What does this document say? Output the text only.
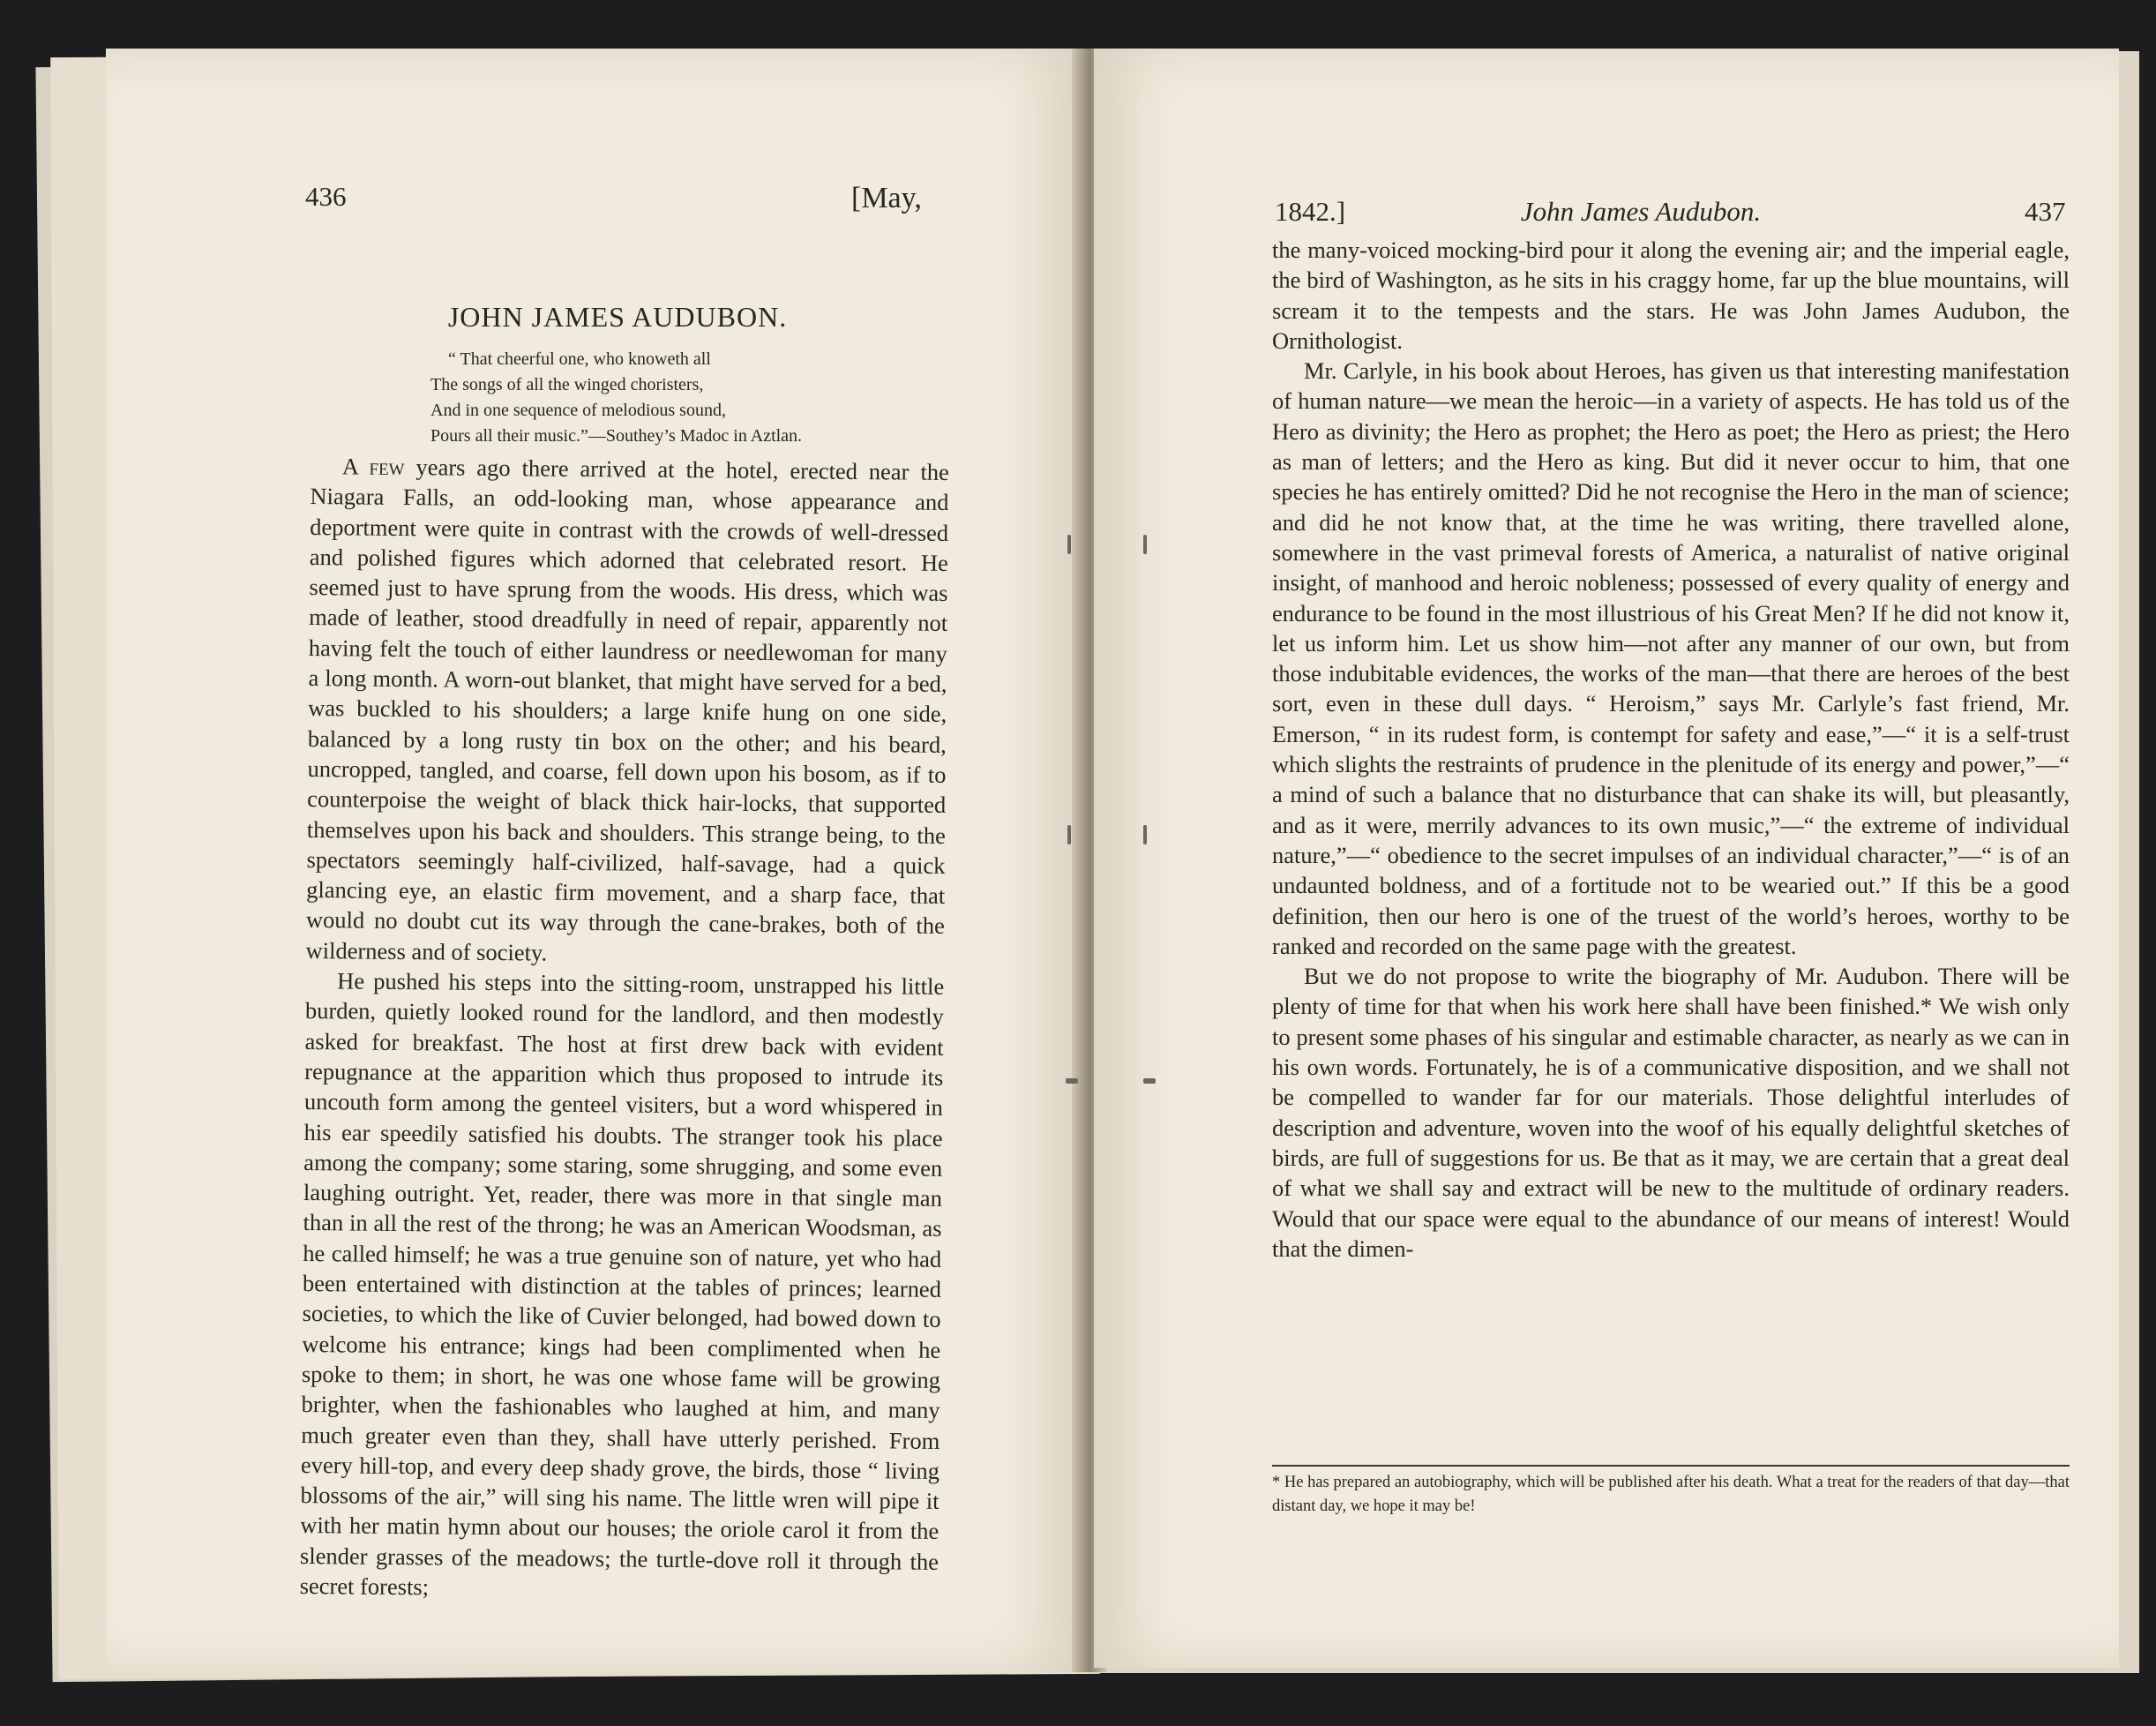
436	[May,
JOHN JAMES AUDUBON.
“ That cheerful one, who knoweth all
The songs of all the winged choristers,
And in one sequence of melodious sound,
Pours all their music.”—Southey’s Madoc in Aztlan.

A few years ago there arrived at the hotel, erected near the Niagara Falls, an odd-looking man, whose appearance and deportment were quite in contrast with the crowds of well-dressed and polished figures which adorned that celebrated resort. He seemed just to have sprung from the woods. His dress, which was made of leather, stood dreadfully in need of repair, apparently not having felt the touch of either laundress or needlewoman for many a long month. A worn-out blanket, that might have served for a bed, was buckled to his shoulders; a large knife hung on one side, balanced by a long rusty tin box on the other; and his beard, uncropped, tangled, and coarse, fell down upon his bosom, as if to counterpoise the weight of black thick hair-locks, that supported themselves upon his back and shoulders. This strange being, to the spectators seemingly half-civilized, half-savage, had a quick glancing eye, an elastic firm movement, and a sharp face, that would no doubt cut its way through the cane-brakes, both of the wilderness and of society.

He pushed his steps into the sitting-room, unstrapped his little burden, quietly looked round for the landlord, and then modestly asked for breakfast. The host at first drew back with evident repugnance at the apparition which thus proposed to intrude its uncouth form among the genteel visiters, but a word whispered in his ear speedily satisfied his doubts. The stranger took his place among the company; some staring, some shrugging, and some even laughing outright. Yet, reader, there was more in that single man than in all the rest of the throng; he was an American Woodsman, as he called himself; he was a true genuine son of nature, yet who had been entertained with distinction at the tables of princes; learned societies, to which the like of Cuvier belonged, had bowed down to welcome his entrance; kings had been complimented when he spoke to them; in short, he was one whose fame will be growing brighter, when the fashionables who laughed at him, and many much greater even than they, shall have utterly perished. From every hill-top, and every deep shady grove, the birds, those “ living blossoms of the air,” will sing his name. The little wren will pipe it with her matin hymn about our houses; the oriole carol it from the slender grasses of the meadows; the turtle-dove roll it through the secret forests;

1842.]	John James Audubon.	437

the many-voiced mocking-bird pour it along the evening air; and the imperial eagle, the bird of Washington, as he sits in his craggy home, far up the blue mountains, will scream it to the tempests and the stars. He was John James Audubon, the Ornithologist.

Mr. Carlyle, in his book about Heroes, has given us that interesting manifestation of human nature—we mean the heroic—in a variety of aspects. He has told us of the Hero as divinity; the Hero as prophet; the Hero as poet; the Hero as priest; the Hero as man of letters; and the Hero as king. But did it never occur to him, that one species he has entirely omitted? Did he not recognise the Hero in the man of science; and did he not know that, at the time he was writing, there travelled alone, somewhere in the vast primeval forests of America, a naturalist of native original insight, of manhood and heroic nobleness; possessed of every quality of energy and endurance to be found in the most illustrious of his Great Men? If he did not know it, let us inform him. Let us show him—not after any manner of our own, but from those indubitable evidences, the works of the man—that there are heroes of the best sort, even in these dull days. “ Heroism,” says Mr. Carlyle’s fast friend, Mr. Emerson, “ in its rudest form, is contempt for safety and ease,”—“ it is a self-trust which slights the restraints of prudence in the plenitude of its energy and power,”—“ a mind of such a balance that no disturbance that can shake its will, but pleasantly, and as it were, merrily advances to its own music,”—“ the extreme of individual nature,”—“ obedience to the secret impulses of an individual character,”—“ is of an undaunted boldness, and of a fortitude not to be wearied out.” If this be a good definition, then our hero is one of the truest of the world’s heroes, worthy to be ranked and recorded on the same page with the greatest.

But we do not propose to write the biography of Mr. Audubon. There will be plenty of time for that when his work here shall have been finished.* We wish only to present some phases of his singular and estimable character, as nearly as we can in his own words. Fortunately, he is of a communicative disposition, and we shall not be compelled to wander far for our materials. Those delightful interludes of description and adventure, woven into the woof of his equally delightful sketches of birds, are full of suggestions for us. Be that as it may, we are certain that a great deal of what we shall say and extract will be new to the multitude of ordinary readers. Would that our space were equal to the abundance of our means of interest! Would that the dimen-

* He has prepared an autobiography, which will be published after his death. What a treat for the readers of that day—that distant day, we hope it may be!
